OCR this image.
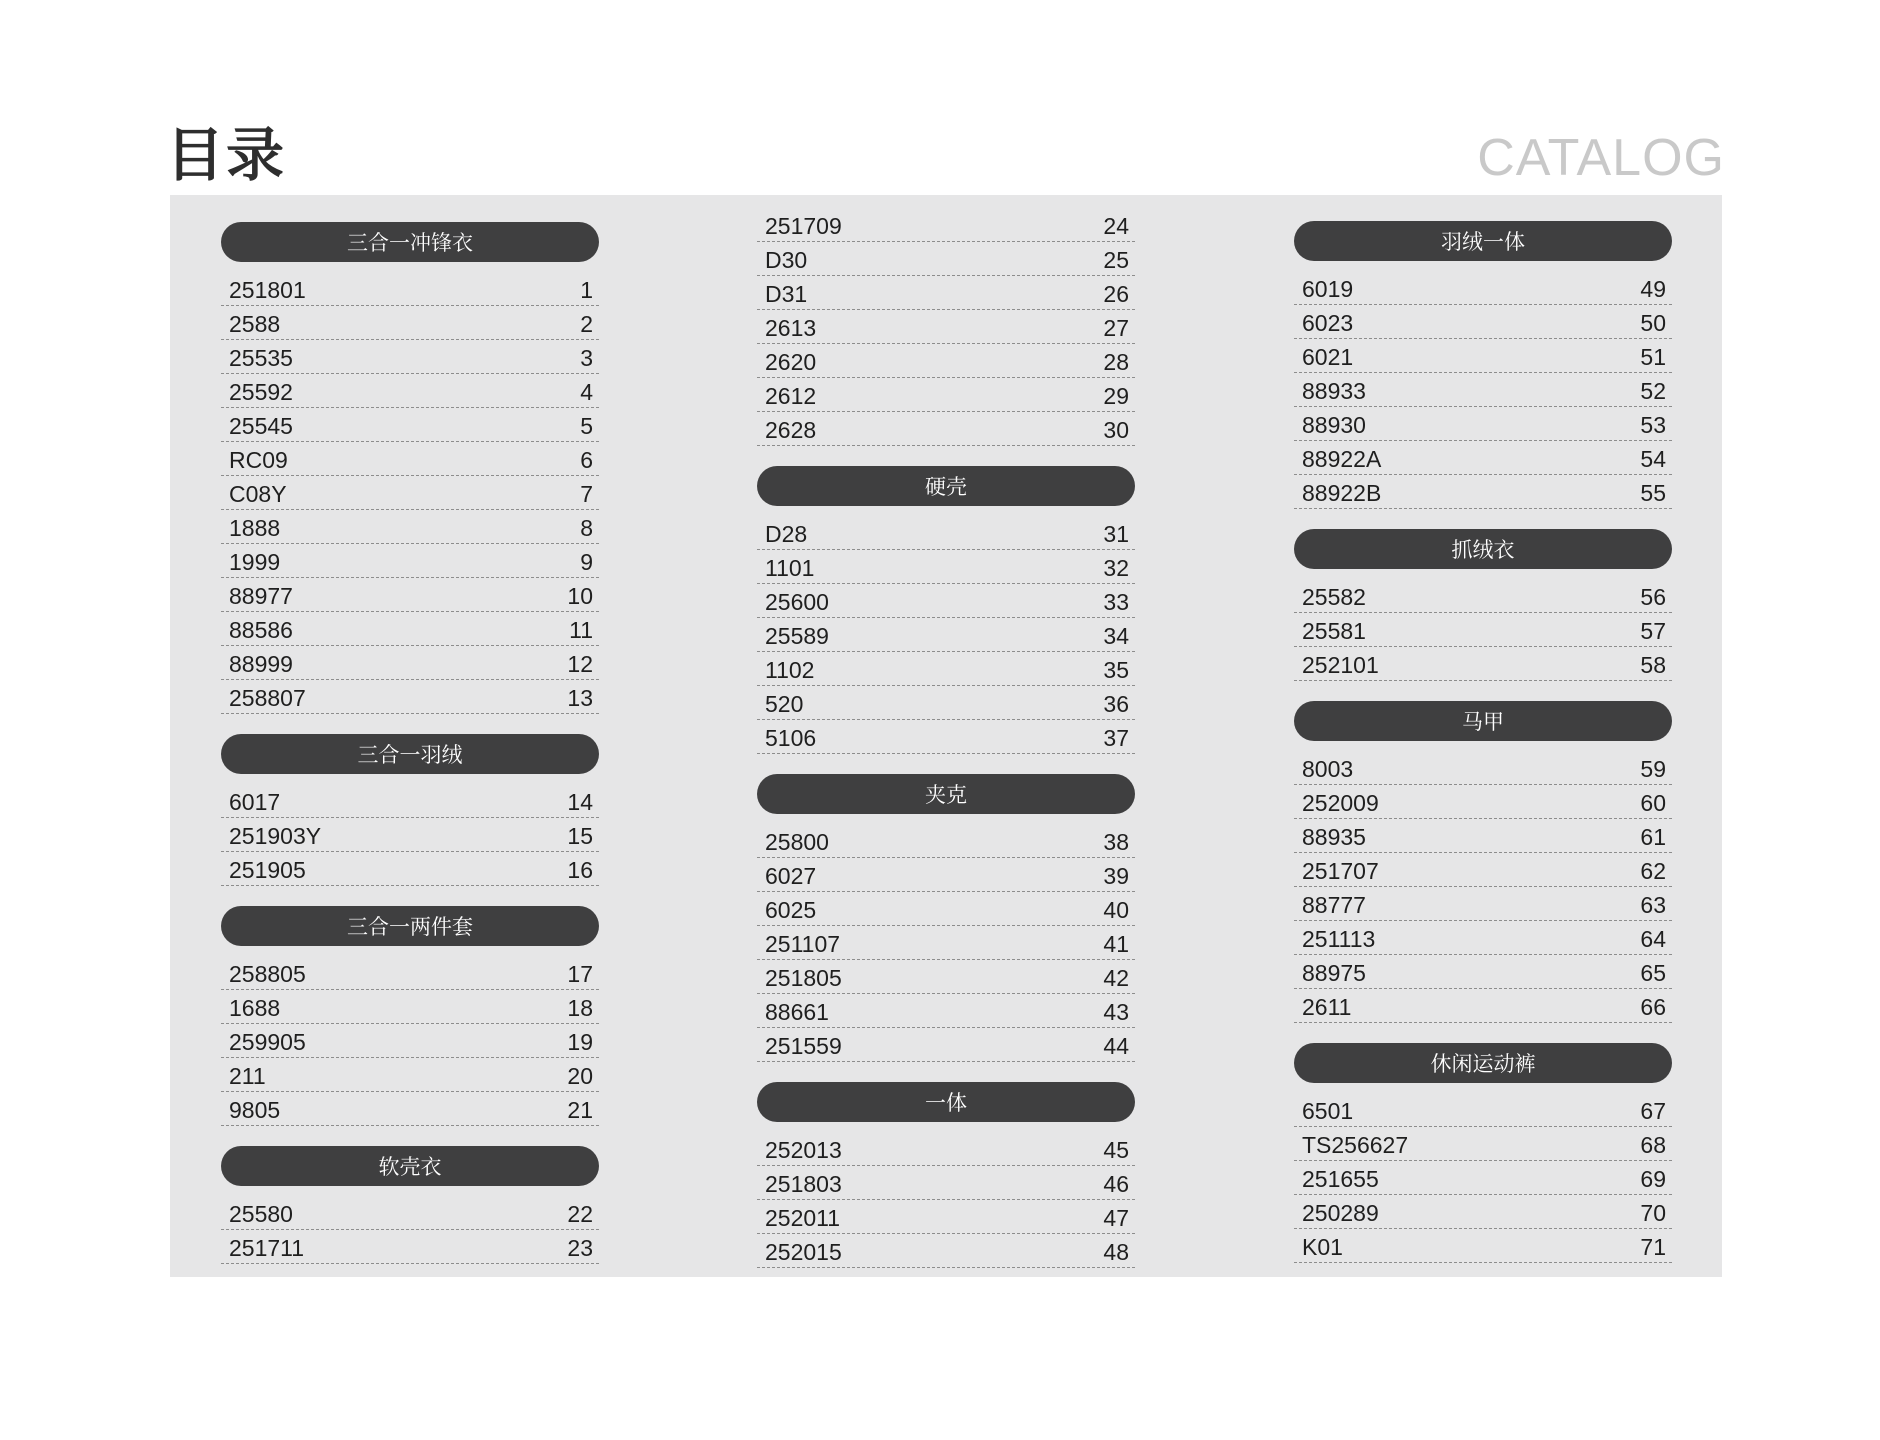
目录	CATALOG
三合一冲锋衣
251801	1
2588	2
25535	3
25592	4
25545	5
RC09	6
C08Y	7
1888	8
1999	9
88977	10
88586	11
88999	12
258807	13
三合一羽绒
6017	14
251903Y	15
251905	16
三合一两件套
258805	17
1688	18
259905	19
211	20
9805	21
软壳衣
25580	22
251711	23
251709	24
D30	25
D31	26
2613	27
2620	28
2612	29
2628	30
硬壳
D28	31
1101	32
25600	33
25589	34
1102	35
520	36
5106	37
夹克
25800	38
6027	39
6025	40
251107	41
251805	42
88661	43
251559	44
一体
252013	45
251803	46
252011	47
252015	48
羽绒一体
6019	49
6023	50
6021	51
88933	52
88930	53
88922A	54
88922B	55
抓绒衣
25582	56
25581	57
252101	58
马甲
8003	59
252009	60
88935	61
251707	62
88777	63
251113	64
88975	65
2611	66
休闲运动裤
6501	67
TS256627	68
251655	69
250289	70
K01	71
